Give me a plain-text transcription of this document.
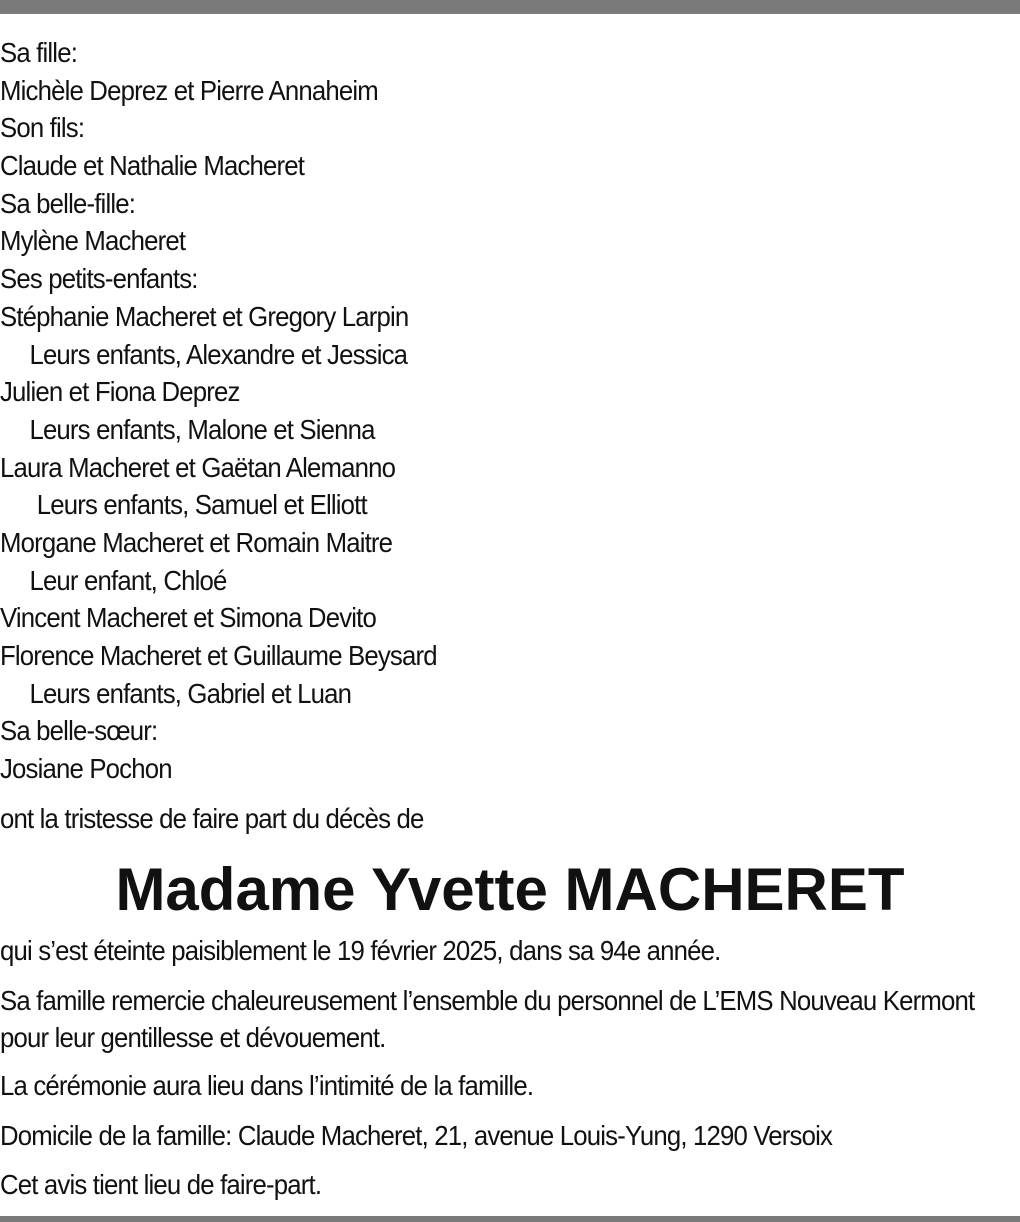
Sa fille:
Michèle Deprez et Pierre Annaheim
Son fils:
Claude et Nathalie Macheret
Sa belle-fille:
Mylène Macheret
Ses petits-enfants:
Stéphanie Macheret et Gregory Larpin
Leurs enfants, Alexandre et Jessica
Julien et Fiona Deprez
Leurs enfants, Malone et Sienna
Laura Macheret et Gaëtan Alemanno
Leurs enfants, Samuel et Elliott
Morgane Macheret et Romain Maitre
Leur enfant, Chloé
Vincent Macheret et Simona Devito
Florence Macheret et Guillaume Beysard
Leurs enfants, Gabriel et Luan
Sa belle-sœur:
Josiane Pochon
ont la tristesse de faire part du décès de
Madame Yvette MACHERET
qui s’est éteinte paisiblement le 19 février 2025, dans sa 94e année.
Sa famille remercie chaleureusement l’ensemble du personnel de L’EMS Nouveau Kermont pour leur gentillesse et dévouement.
La cérémonie aura lieu dans l’intimité de la famille.
Domicile de la famille: Claude Macheret, 21, avenue Louis-Yung, 1290 Versoix
Cet avis tient lieu de faire-part.
